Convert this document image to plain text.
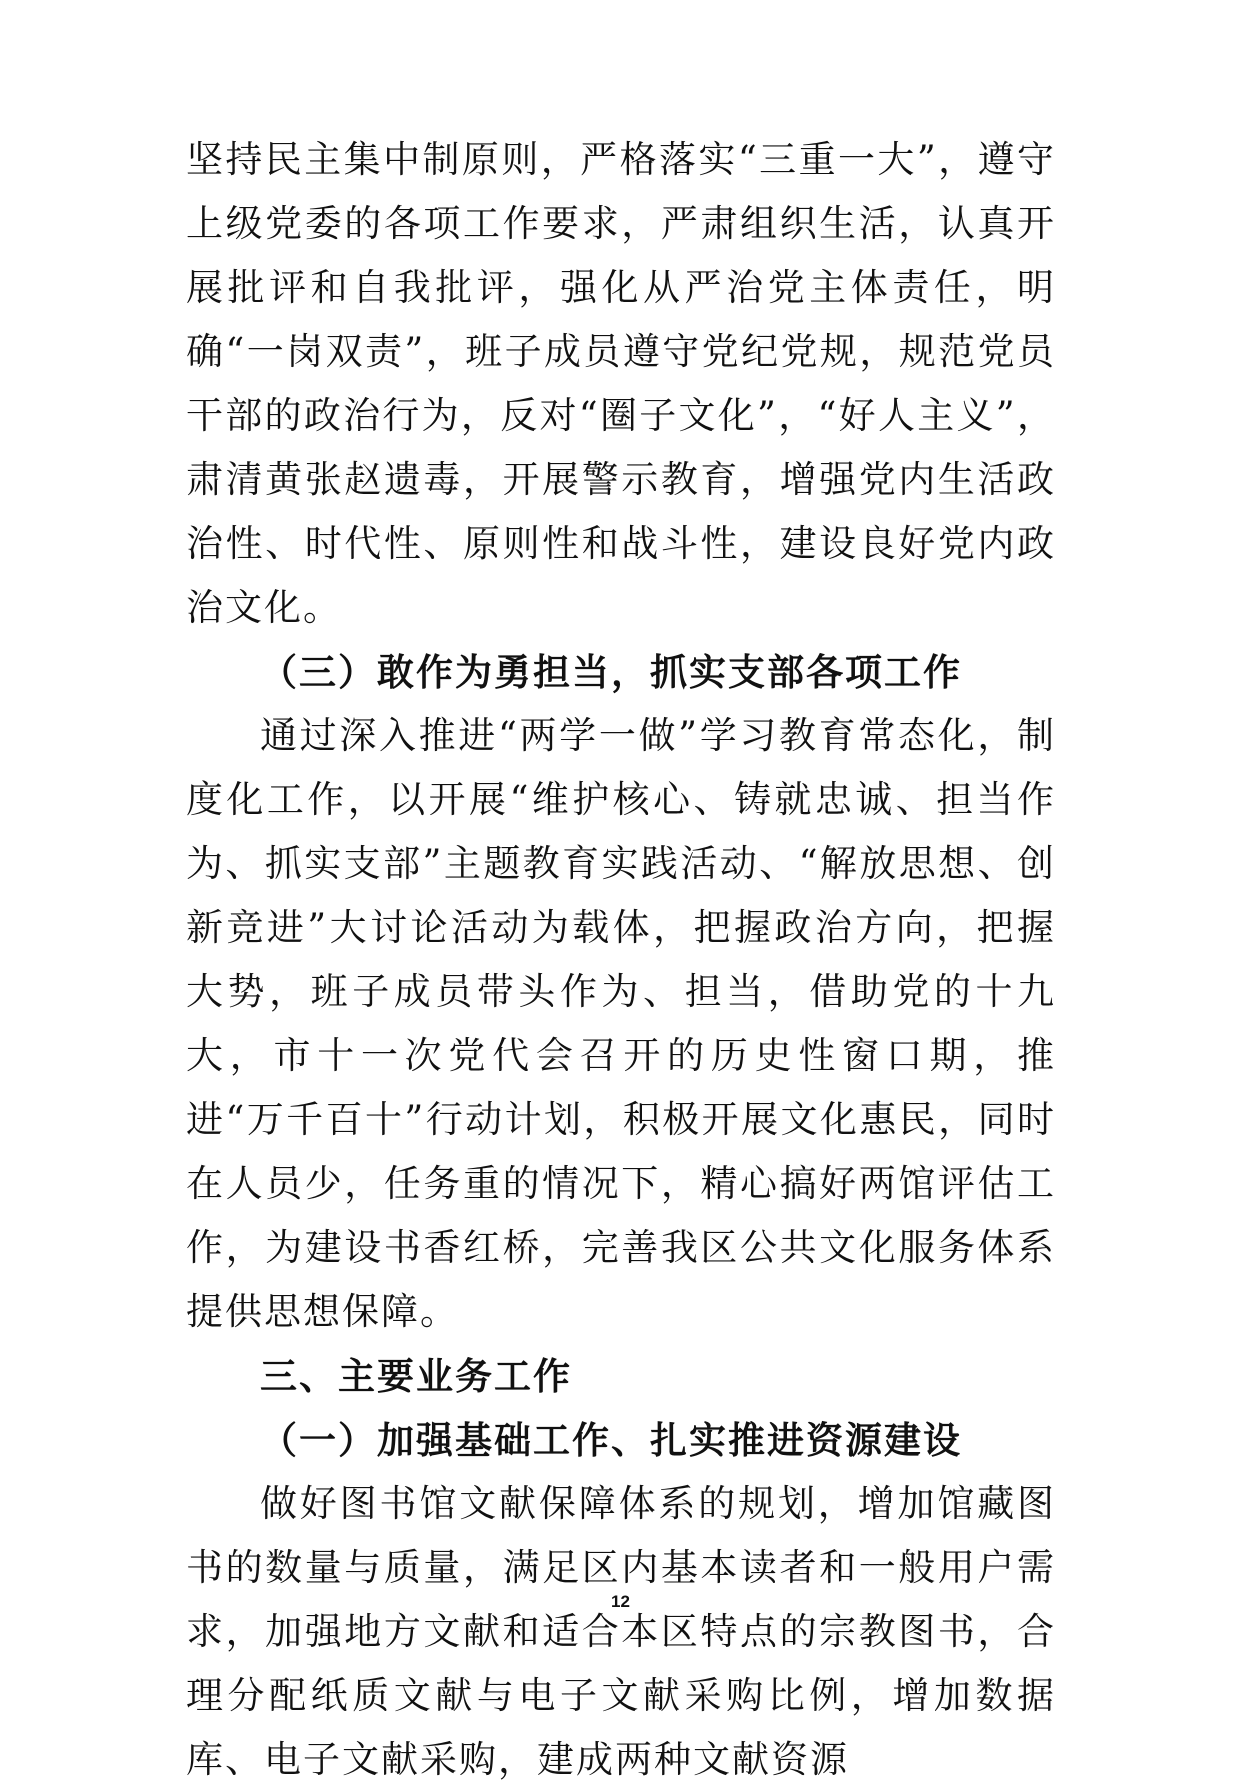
坚持民主集中制原则，严格落实“三重一大”，遵守上级党委的各项工作要求，严肃组织生活，认真开展批评和自我批评，强化从严治党主体责任，明确“一岗双责”，班子成员遵守党纪党规，规范党员干部的政治行为，反对“圈子文化”，“好人主义”，肃清黄张赵遗毒，开展警示教育，增强党内生活政治性、时代性、原则性和战斗性，建设良好党内政治文化。

（三）敢作为勇担当，抓实支部各项工作

通过深入推进“两学一做”学习教育常态化，制度化工作，以开展“维护核心、铸就忠诚、担当作为、抓实支部”主题教育实践活动、“解放思想、创新竞进”大讨论活动为载体，把握政治方向，把握大势，班子成员带头作为、担当，借助党的十九大，市十一次党代会召开的历史性窗口期，推进“万千百十”行动计划，积极开展文化惠民，同时在人员少，任务重的情况下，精心搞好两馆评估工作，为建设书香红桥，完善我区公共文化服务体系提供思想保障。

三、主要业务工作

（一）加强基础工作、扎实推进资源建设

做好图书馆文献保障体系的规划，增加馆藏图书的数量与质量，满足区内基本读者和一般用户需求，加强地方文献和适合本区特点的宗教图书，合理分配纸质文献与电子文献采购比例，增加数据库、电子文献采购，建成两种文献资源

12
